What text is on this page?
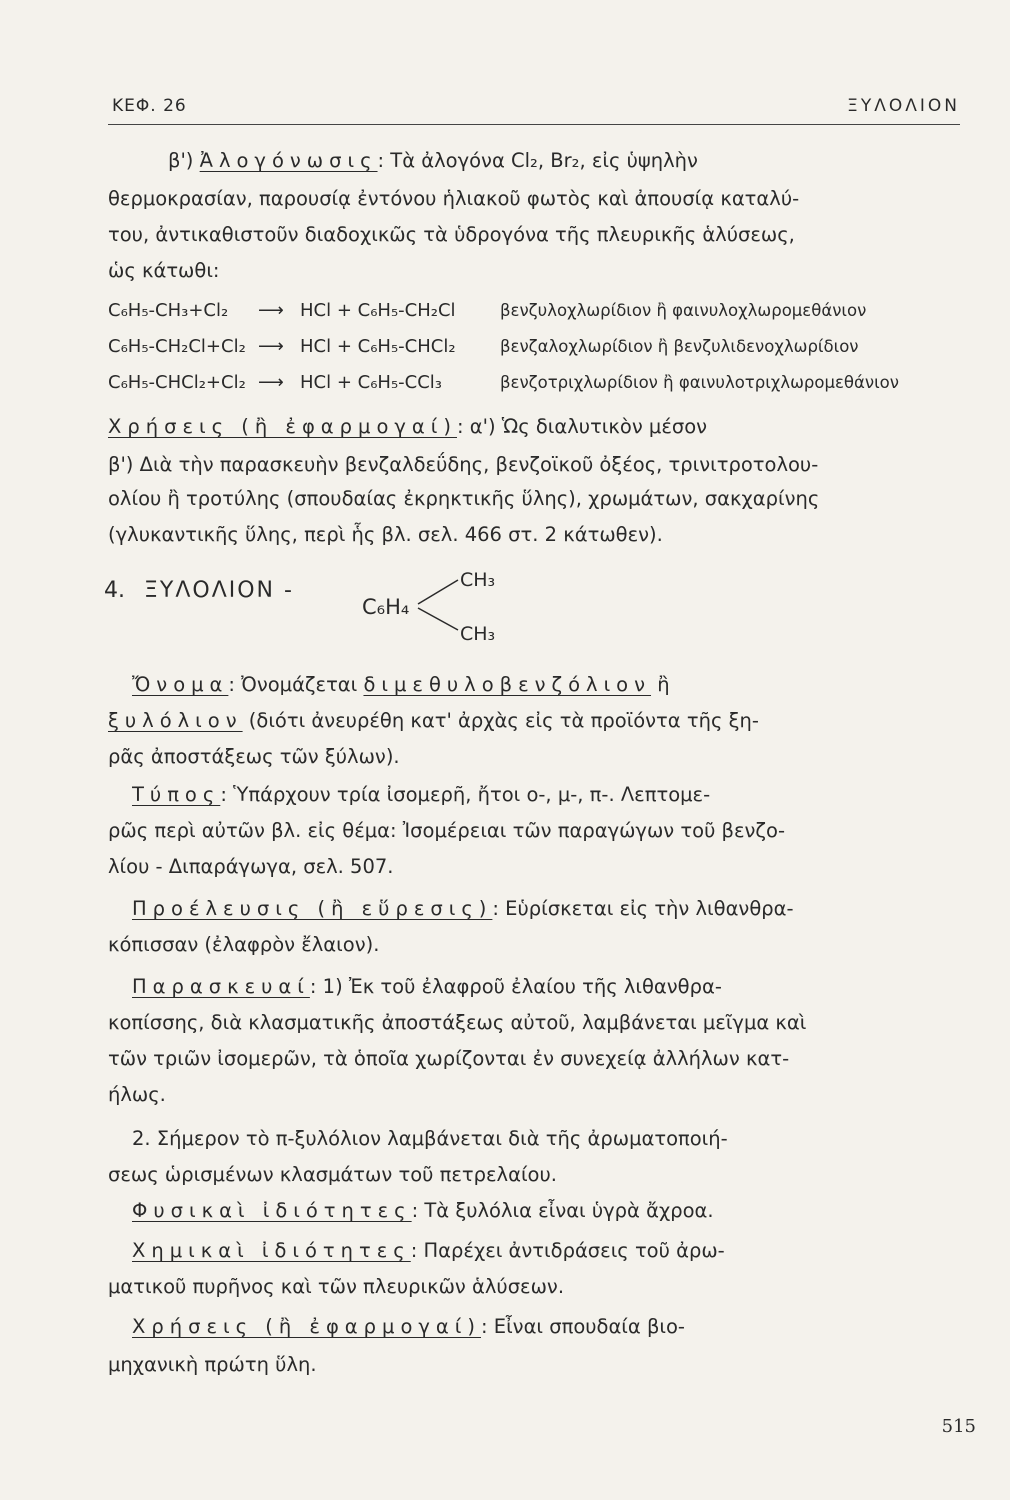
ΚΕΦ. 26	ΞΥΛΟΛΙΟΝ
β') Ἀλογόνωσις: Τὰ ἀλογόνα Cl₂, Br₂, εἰς ὑψηλὴν
θερμοκρασίαν, παρουσίᾳ ἐντόνου ἡλιακοῦ φωτὸς καὶ ἀπουσίᾳ καταλύ-
του, ἀντικαθιστοῦν διαδοχικῶς τὰ ὑδρογόνα τῆς πλευρικῆς ἁλύσεως,
ὡς κάτωθι:
C₆H₅-CH₃+Cl₂ ⟶ HCl + C₆H₅-CH₂Cl	βενζυλοχλωρίδιον ἢ φαινυλοχλωρομεθάνιον
C₆H₅-CH₂Cl+Cl₂ ⟶ HCl + C₆H₅-CHCl₂	βενζαλοχλωρίδιον ἢ βενζυλιδενοχλωρίδιον
C₆H₅-CHCl₂+Cl₂ ⟶ HCl + C₆H₅-CCl₃	βενζοτριχλωρίδιον ἢ φαινυλοτριχλωρομεθάνιον
Χρήσεις (ἢ ἐφαρμογαί): α') Ὡς διαλυτικὸν μέσον
β') Διὰ τὴν παρασκευὴν βενζαλδεΰδης, βενζοϊκοῦ ὀξέος, τρινιτροτολου-
ολίου ἢ τροτύλης (σπουδαίας ἐκρηκτικῆς ὕλης), χρωμάτων, σακχαρίνης
(γλυκαντικῆς ὕλης, περὶ ἧς βλ. σελ. 466 στ. 2 κάτωθεν).
4. ΞΥΛΟΛΙΟΝ -
C₆H₄
CH₃
CH₃
Ὄνομα: Ὀνομάζεται διμεθυλοβενζόλιον ἢ
ξυλόλιον (διότι ἀνευρέθη κατ' ἀρχὰς εἰς τὰ προϊόντα τῆς ξη-
ρᾶς ἀποστάξεως τῶν ξύλων).
Τύπος: Ὑπάρχουν τρία ἰσομερῆ, ἤτοι ο-, μ-, π-. Λεπτομε-
ρῶς περὶ αὐτῶν βλ. εἰς θέμα: Ἰσομέρειαι τῶν παραγώγων τοῦ βενζο-
λίου - Διπαράγωγα, σελ. 507.
Προέλευσις (ἢ εὕρεσις): Εὑρίσκεται εἰς τὴν λιθανθρα-
κόπισσαν (ἐλαφρὸν ἔλαιον).
Παρασκευαί: 1) Ἐκ τοῦ ἐλαφροῦ ἐλαίου τῆς λιθανθρα-
κοπίσσης, διὰ κλασματικῆς ἀποστάξεως αὐτοῦ, λαμβάνεται μεῖγμα καὶ
τῶν τριῶν ἰσομερῶν, τὰ ὁποῖα χωρίζονται ἐν συνεχείᾳ ἀλλήλων κατ-
ήλως.
2. Σήμερον τὸ π-ξυλόλιον λαμβάνεται διὰ τῆς ἀρωματοποιή-
σεως ὡρισμένων κλασμάτων τοῦ πετρελαίου.
Φυσικαὶ ἰδιότητες: Τὰ ξυλόλια εἶναι ὑγρὰ ἄχροα.
Χημικαὶ ἰδιότητες: Παρέχει ἀντιδράσεις τοῦ ἀρω-
ματικοῦ πυρῆνος καὶ τῶν πλευρικῶν ἁλύσεων.
Χρήσεις (ἢ ἐφαρμογαί): Εἶναι σπουδαία βιο-
μηχανικὴ πρώτη ὕλη.
515
